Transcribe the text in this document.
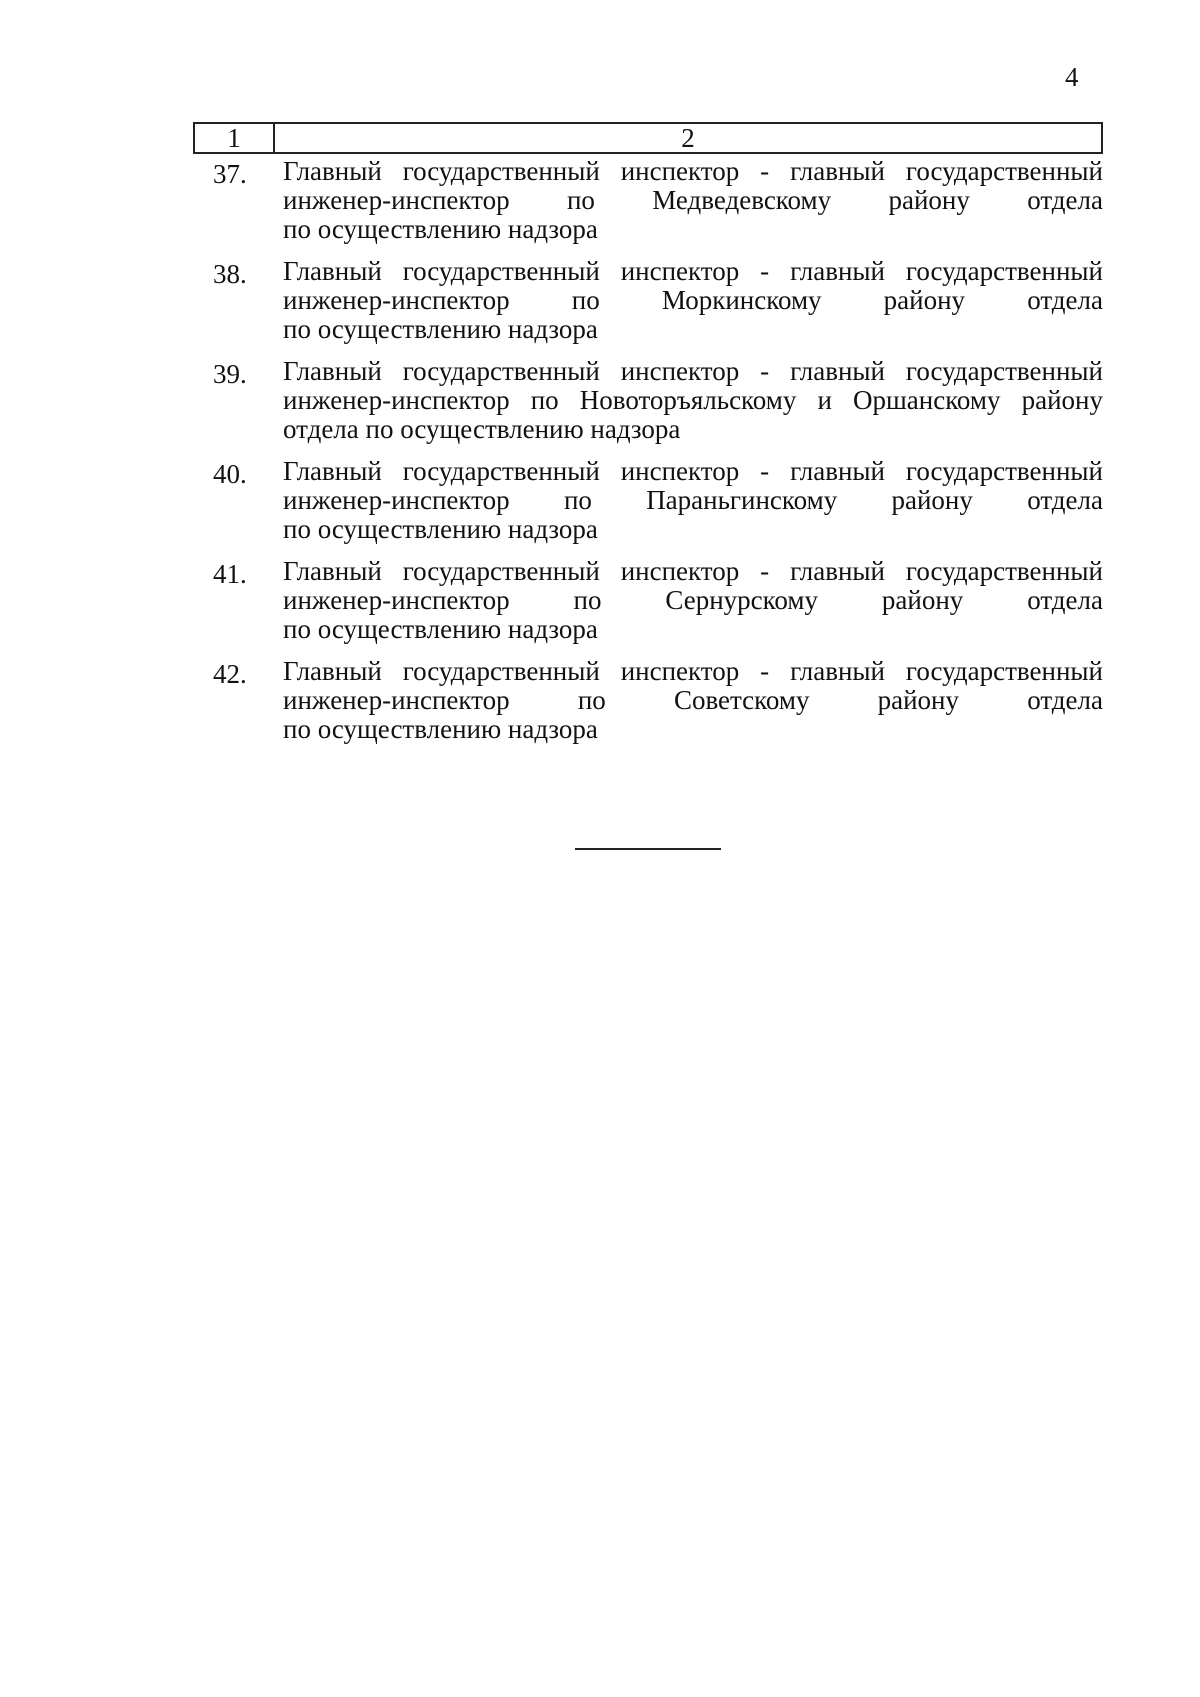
4
1	2
37.	Главный государственный инспектор - главный государственный
инженер-инспектор по Медведевскому району отдела
по осуществлению надзора
38.	Главный государственный инспектор - главный государственный
инженер-инспектор по Моркинскому району отдела
по осуществлению надзора
39.	Главный государственный инспектор - главный государственный
инженер-инспектор по Новоторъяльскому и Оршанскому району
отдела по осуществлению надзора
40.	Главный государственный инспектор - главный государственный
инженер-инспектор по Параньгинскому району отдела
по осуществлению надзора
41.	Главный государственный инспектор - главный государственный
инженер-инспектор по Сернурскому району отдела
по осуществлению надзора
42.	Главный государственный инспектор - главный государственный
инженер-инспектор	по	Советскому	району	отдела
по осуществлению надзора
